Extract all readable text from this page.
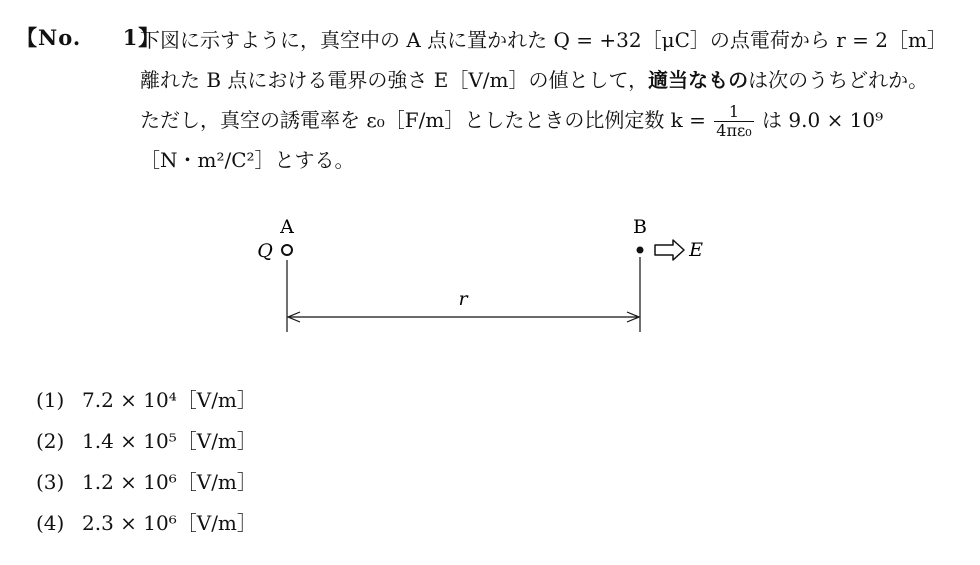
【No.     1】
下図に示すように，真空中の A 点に置かれた Q = +32［μC］の点電荷から r = 2［m］
離れた B 点における電界の強さ E［V/m］の値として，適当なものは次のうちどれか。
ただし，真空の誘電率を ε₀［F/m］としたときの比例定数 $k = \frac{1}{\text{4πε₀}}$ は 9.0 × 10⁹
［N・m²/C²］とする。
A
Q
B
E
r
(1) 7.2 × 10⁴［V/m］
(2) 1.4 × 10⁵［V/m］
(3) 1.2 × 10⁶［V/m］
(4) 2.3 × 10⁶［V/m］
